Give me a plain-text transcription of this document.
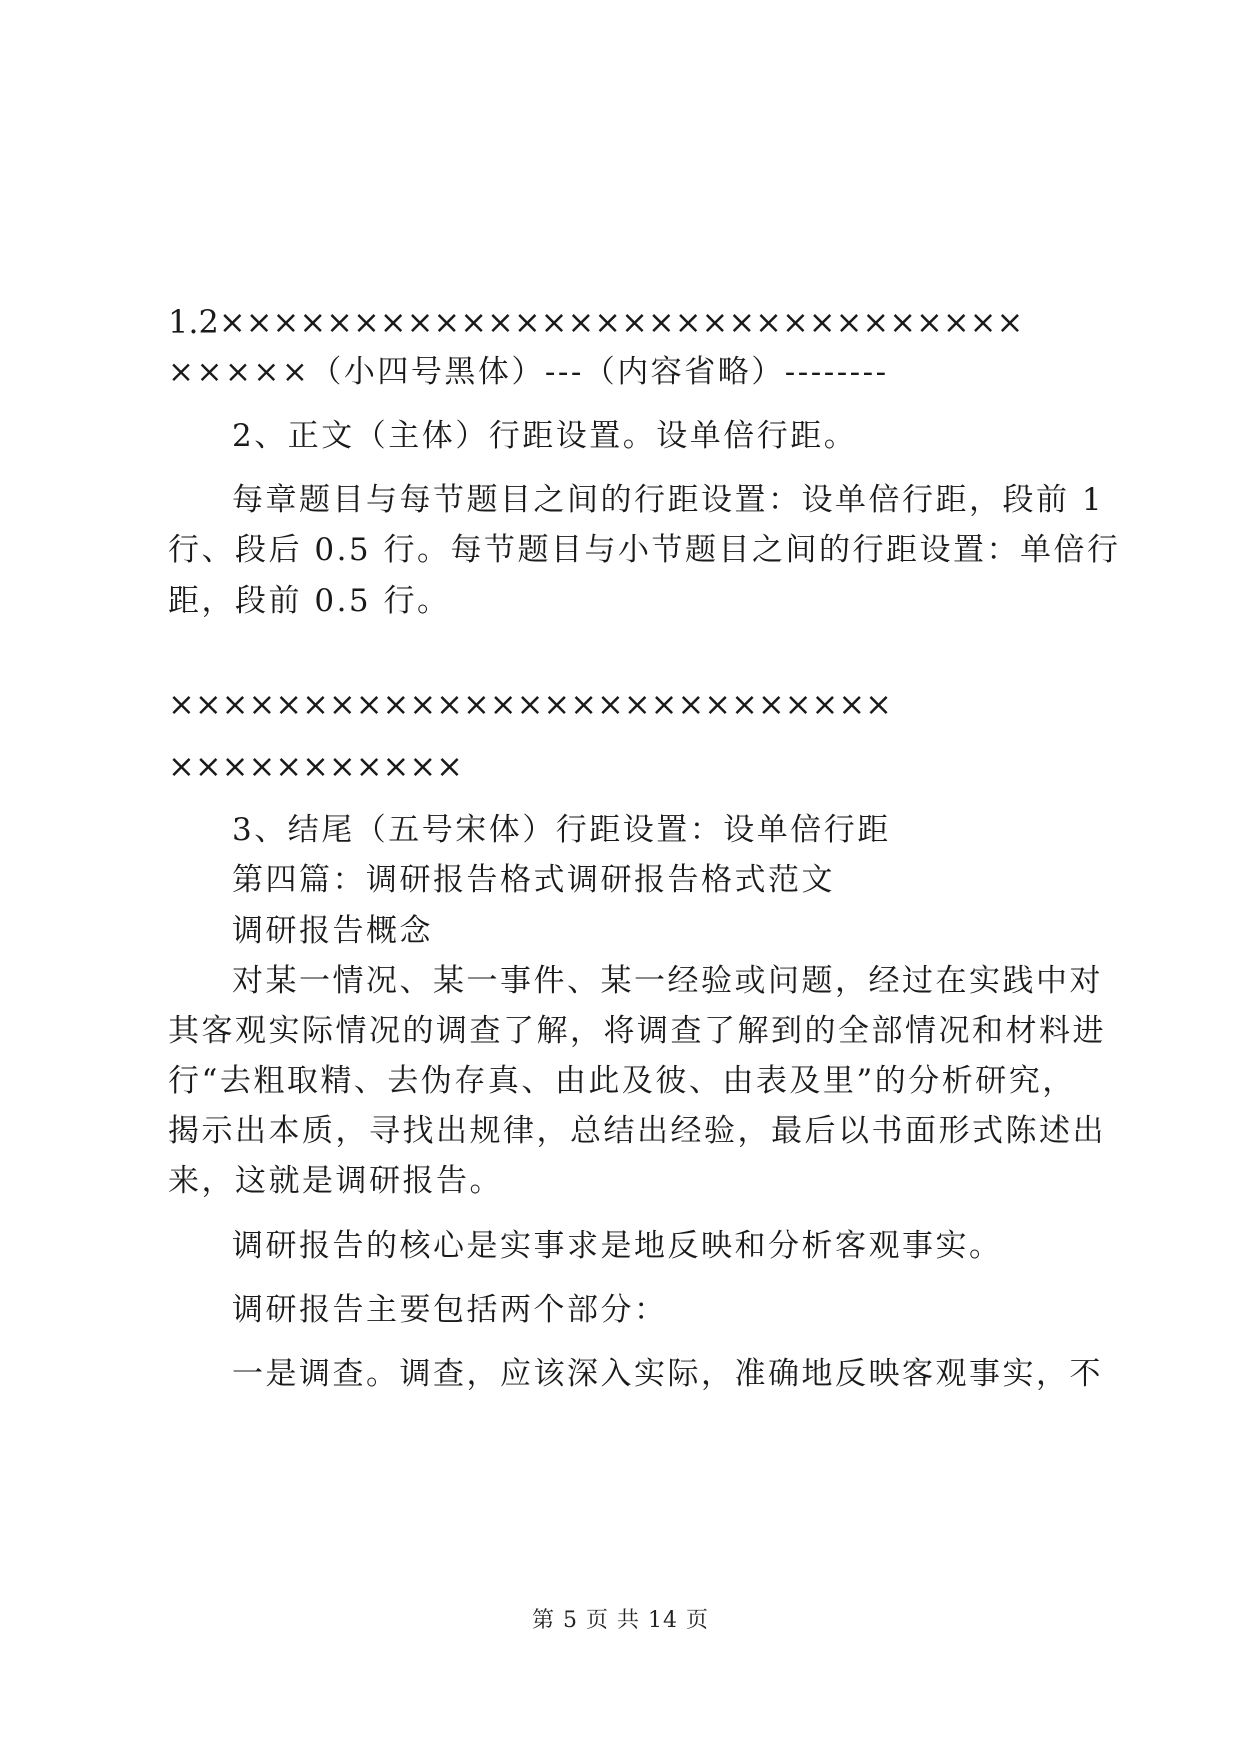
1.2××××××××××××××××××××××××××××××

×××××（小四号黑体）---（内容省略）--------

2、正文（主体）行距设置。设单倍行距。

每章题目与每节题目之间的行距设置：设单倍行距，段前 1

行、段后 0.5 行。每节题目与小节题目之间的行距设置：单倍行

距，段前 0.5 行。

×××××××××××××××××××××××××××

×××××××××××

3、结尾（五号宋体）行距设置：设单倍行距

第四篇：调研报告格式调研报告格式范文

调研报告概念

对某一情况、某一事件、某一经验或问题，经过在实践中对

其客观实际情况的调查了解，将调查了解到的全部情况和材料进

行“去粗取精、去伪存真、由此及彼、由表及里”的分析研究，

揭示出本质，寻找出规律，总结出经验，最后以书面形式陈述出

来，这就是调研报告。

调研报告的核心是实事求是地反映和分析客观事实。

调研报告主要包括两个部分：

一是调查。调查，应该深入实际，准确地反映客观事实，不

第 5 页 共 14 页
